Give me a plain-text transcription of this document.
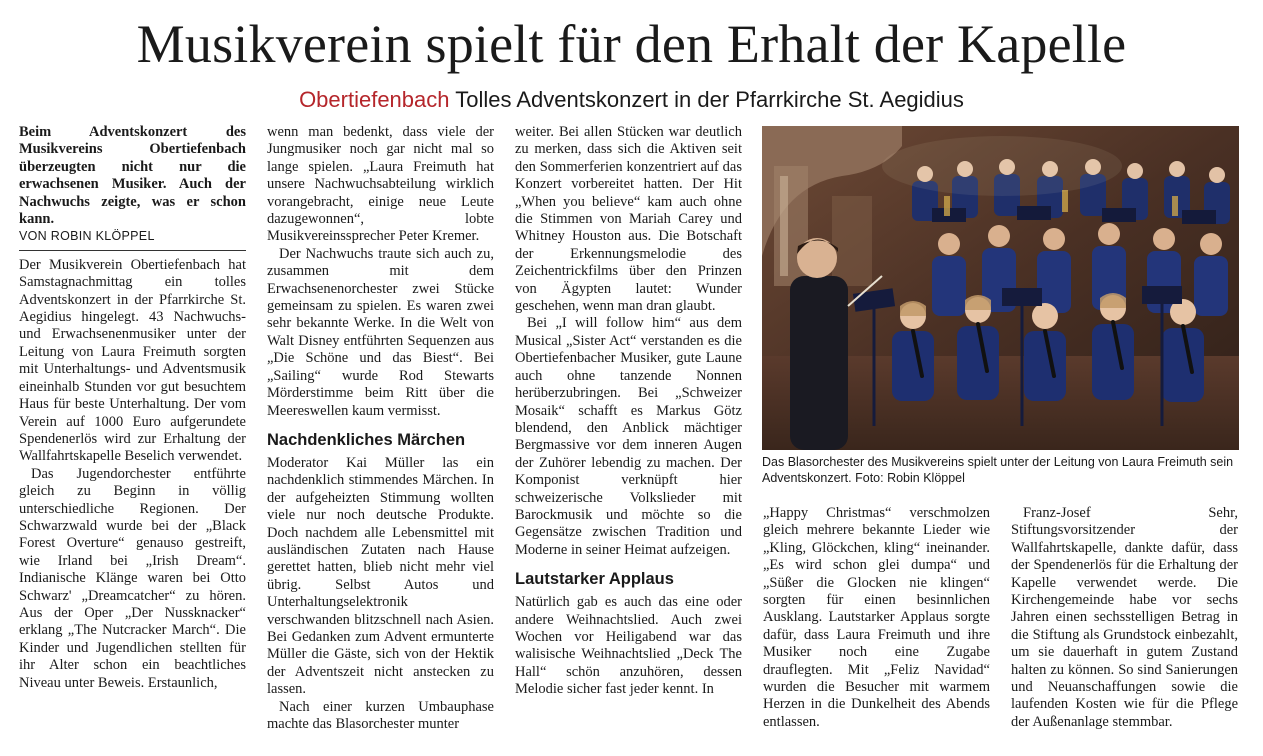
Musikverein spielt für den Erhalt der Kapelle
Obertiefenbach Tolles Adventskonzert in der Pfarrkirche St. Aegidius

Beim Adventskonzert des Musikvereins Obertiefenbach überzeugten nicht nur die erwachsenen Musiker. Auch der Nachwuchs zeigte, was er schon kann.

VON ROBIN KLÖPPEL

Der Musikverein Obertiefenbach hat Samstagnachmittag ein tolles Adventskonzert in der Pfarrkirche St. Aegidius hingelegt. 43 Nachwuchs- und Erwachsenenmusiker unter der Leitung von Laura Freimuth sorgten mit Unterhaltungs- und Adventsmusik eineinhalb Stunden vor gut besuchtem Haus für beste Unterhaltung. Der vom Verein auf 1000 Euro aufgerundete Spendenerlös wird zur Erhaltung der Wallfahrtskapelle Beselich verwendet.

Das Jugendorchester entführte gleich zu Beginn in völlig unterschiedliche Regionen. Der Schwarzwald wurde bei der „Black Forest Overture“ genauso gestreift, wie Irland bei „Irish Dream“. Indianische Klänge waren bei Otto Schwarz' „Dreamcatcher“ zu hören. Aus der Oper „Der Nussknacker“ erklang „The Nutcracker March“. Die Kinder und Jugendlichen stellten für ihr Alter schon ein beachtliches Niveau unter Beweis. Erstaunlich,

wenn man bedenkt, dass viele der Jungmusiker noch gar nicht mal so lange spielen. „Laura Freimuth hat unsere Nachwuchsabteilung wirklich vorangebracht, einige neue Leute dazugewonnen“, lobte Musikvereinssprecher Peter Kremer.

Der Nachwuchs traute sich auch zu, zusammen mit dem Erwachsenenorchester zwei Stücke gemeinsam zu spielen. Es waren zwei sehr bekannte Werke. In die Welt von Walt Disney entführten Sequenzen aus „Die Schöne und das Biest“. Bei „Sailing“ wurde Rod Stewarts Mörderstimme beim Ritt über die Meereswellen kaum vermisst.

Nachdenkliches Märchen

Moderator Kai Müller las ein nachdenklich stimmendes Märchen. In der aufgeheizten Stimmung wollten viele nur noch deutsche Produkte. Doch nachdem alle Lebensmittel mit ausländischen Zutaten nach Hause gerettet hatten, blieb nicht mehr viel übrig. Selbst Autos und Unterhaltungselektronik verschwanden blitzschnell nach Asien. Bei Gedanken zum Advent ermunterte Müller die Gäste, sich von der Hektik der Adventszeit nicht anstecken zu lassen.

Nach einer kurzen Umbauphase machte das Blasorchester munter

weiter. Bei allen Stücken war deutlich zu merken, dass sich die Aktiven seit den Sommerferien konzentriert auf das Konzert vorbereitet hatten. Der Hit „When you believe“ kam auch ohne die Stimmen von Mariah Carey und Whitney Houston aus. Die Botschaft der Erkennungsmelodie des Zeichentrickfilms über den Prinzen von Ägypten lautet: Wunder geschehen, wenn man dran glaubt.

Bei „I will follow him“ aus dem Musical „Sister Act“ verstanden es die Obertiefenbacher Musiker, gute Laune auch ohne tanzende Nonnen herüberzubringen. Bei „Schweizer Mosaik“ schafft es Markus Götz blendend, den Anblick mächtiger Bergmassive vor dem inneren Augen der Zuhörer lebendig zu machen. Der Komponist verknüpft hier schweizerische Volkslieder mit Barockmusik und möchte so die Gegensätze zwischen Tradition und Moderne in seiner Heimat aufzeigen.

Lautstarker Applaus

Natürlich gab es auch das eine oder andere Weihnachtslied. Auch zwei Wochen vor Heiligabend war das walisische Weihnachtslied „Deck The Hall“ schön anzuhören, dessen Melodie sicher fast jeder kennt. In

Das Blasorchester des Musikvereins spielt unter der Leitung von Laura Freimuth sein Adventskonzert. Foto: Robin Klöppel

„Happy Christmas“ verschmolzen gleich mehrere bekannte Lieder wie „Kling, Glöckchen, kling“ ineinander. „Es wird schon glei dumpa“ und „Süßer die Glocken nie klingen“ sorgten für einen besinnlichen Ausklang. Lautstarker Applaus sorgte dafür, dass Laura Freimuth und ihre Musiker noch eine Zugabe drauflegten. Mit „Feliz Navidad“ wurden die Besucher mit warmem Herzen in die Dunkelheit des Abends entlassen.

Franz-Josef Sehr, Stiftungsvorsitzender der Wallfahrtskapelle, dankte dafür, dass der Spendenerlös für die Erhaltung der Kapelle verwendet werde. Die Kirchengemeinde habe vor sechs Jahren einen sechsstelligen Betrag in die Stiftung als Grundstock einbezahlt, um sie dauerhaft in gutem Zustand halten zu können. So sind Sanierungen und Neuanschaffungen sowie die laufenden Kosten wie für die Pflege der Außenanlage stemmbar.
